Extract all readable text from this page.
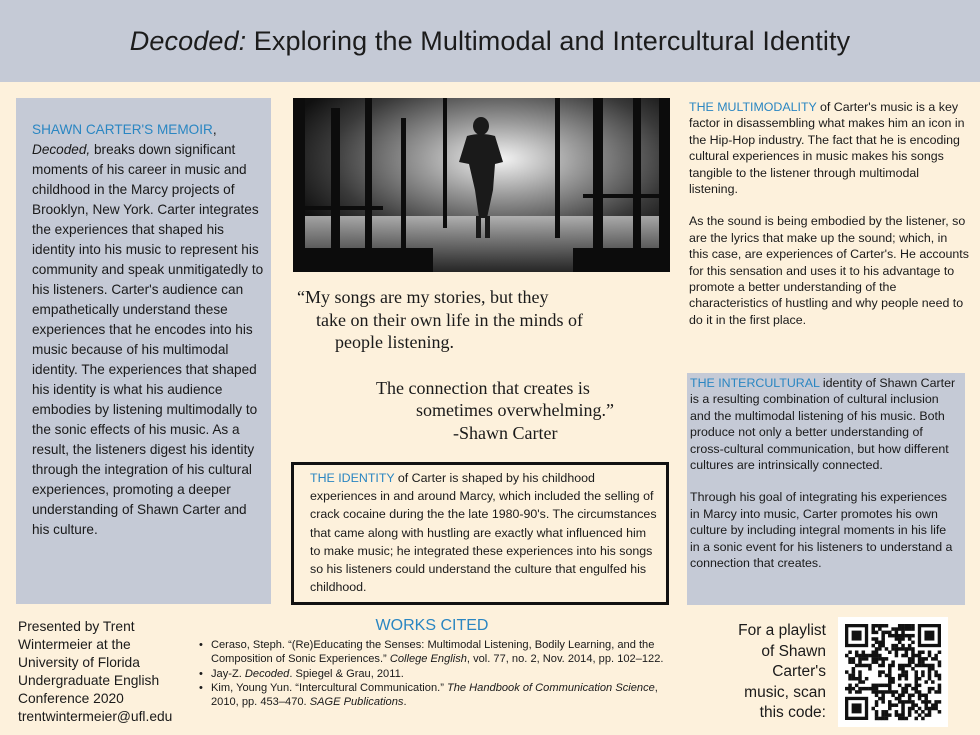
Decoded: Exploring the Multimodal and Intercultural Identity

SHAWN CARTER'S MEMOIR, Decoded, breaks down significant moments of his career in music and childhood in the Marcy projects of Brooklyn, New York. Carter integrates the experiences that shaped his identity into his music to represent his community and speak unmitigatedly to his listeners. Carter's audience can empathetically understand these experiences that he encodes into his music because of his multimodal identity. The experiences that shaped his identity is what his audience embodies by listening multimodally to the sonic effects of his music. As a result, the listeners digest his identity through the integration of his cultural experiences, promoting a deeper understanding of Shawn Carter and his culture.

“My songs are my stories, but they
take on their own life in the minds of
people listening.
The connection that creates is
sometimes overwhelming.”
-Shawn Carter

THE IDENTITY of Carter is shaped by his childhood experiences in and around Marcy, which included the selling of crack cocaine during the the late 1980-90's. The circumstances that came along with hustling are exactly what influenced him to make music; he integrated these experiences into his songs so his listeners could understand the culture that engulfed his childhood.

THE MULTIMODALITY of Carter's music is a key factor in disassembling what makes him an icon in the Hip-Hop industry. The fact that he is encoding cultural experiences in music makes his songs tangible to the listener through multimodal listening.

As the sound is being embodied by the listener, so are the lyrics that make up the sound; which, in this case, are experiences of Carter's. He accounts for this sensation and uses it to his advantage to promote a better understanding of the characteristics of hustling and why people need to do it in the first place.

THE INTERCULTURAL identity of Shawn Carter is a resulting combination of cultural inclusion and the multimodal listening of his music. Both produce not only a better understanding of cross-cultural communication, but how different cultures are intrinsically connected.

Through his goal of integrating his experiences in Marcy into music, Carter promotes his own culture by including integral moments in his life in a sonic event for his listeners to understand a connection that creates.

Presented by Trent
Wintermeier at the
University of Florida
Undergraduate English
Conference 2020
trentwintermeier@ufl.edu
WORKS CITED
• Ceraso, Steph. “(Re)Educating the Senses: Multimodal Listening, Bodily Learning, and the Composition of Sonic Experiences.” College English, vol. 77, no. 2, Nov. 2014, pp. 102–122.
• Jay-Z. Decoded. Spiegel & Grau, 2011.
• Kim, Young Yun. “Intercultural Communication.” The Handbook of Communication Science, 2010, pp. 453–470. SAGE Publications.
For a playlist
of Shawn
Carter's
music, scan
this code:
